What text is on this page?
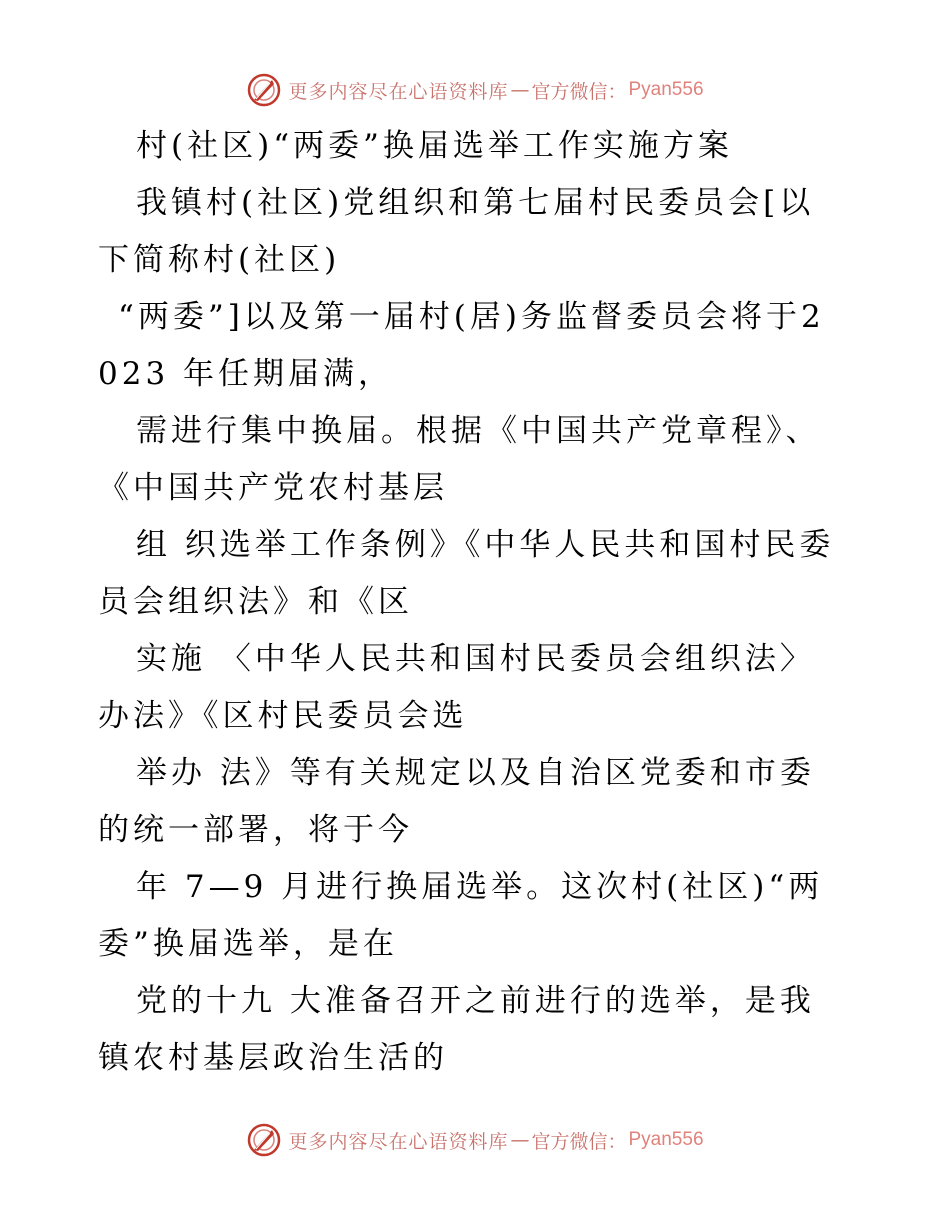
更多内容尽在心语资料库 — 官方微信： Pyan556

村(社区)“两委”换届选举工作实施方案

我镇村(社区)党组织和第七届村民委员会[以下简称村(社区)

“两委”]以及第一届村(居)务监督委员会将于2023 年任期届满，

需进行集中换届。根据《中国共产党章程》、《中国共产党农村基层

组 织选举工作条例》《中华人民共和国村民委员会组织法》和《区

实施 〈中华人民共和国村民委员会组织法〉办法》《区村民委员会选

举办 法》等有关规定以及自治区党委和市委的统一部署，将于今

年 7—9 月进行换届选举。这次村(社区)“两委”换届选举，是在

党的十九 大准备召开之前进行的选举，是我镇农村基层政治生活的

更多内容尽在心语资料库 — 官方微信： Pyan556
